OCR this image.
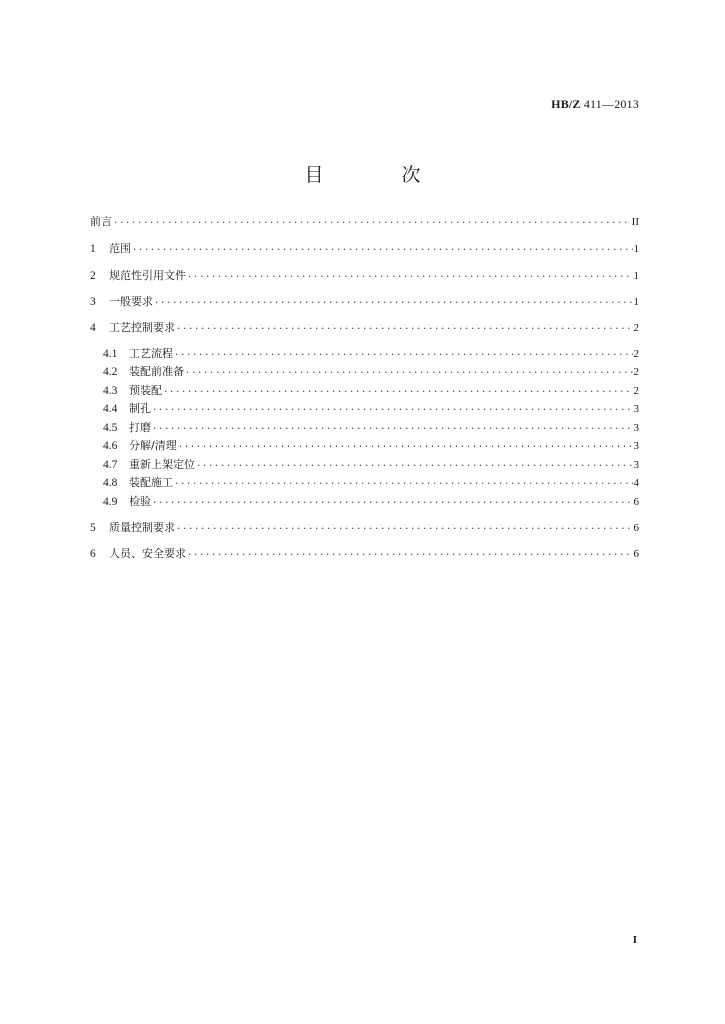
HB/Z 411—2013
目 次
前言 ·····	II
1	范围 ·····	1
2	规范性引用文件 ·····	1
3	一般要求 ·····	1
4	工艺控制要求 ·····	2
4.1	工艺流程 ·····	2
4.2	装配前准备 ·····	2
4.3	预装配 ·····	2
4.4	制孔 ·····	3
4.5	打磨 ·····	3
4.6	分解/清理 ·····	3
4.7	重新上架定位 ·····	3
4.8	装配施工 ·····	4
4.9	检验 ·····	6
5	质量控制要求 ·····	6
6	人员、安全要求 ·····	6
I
